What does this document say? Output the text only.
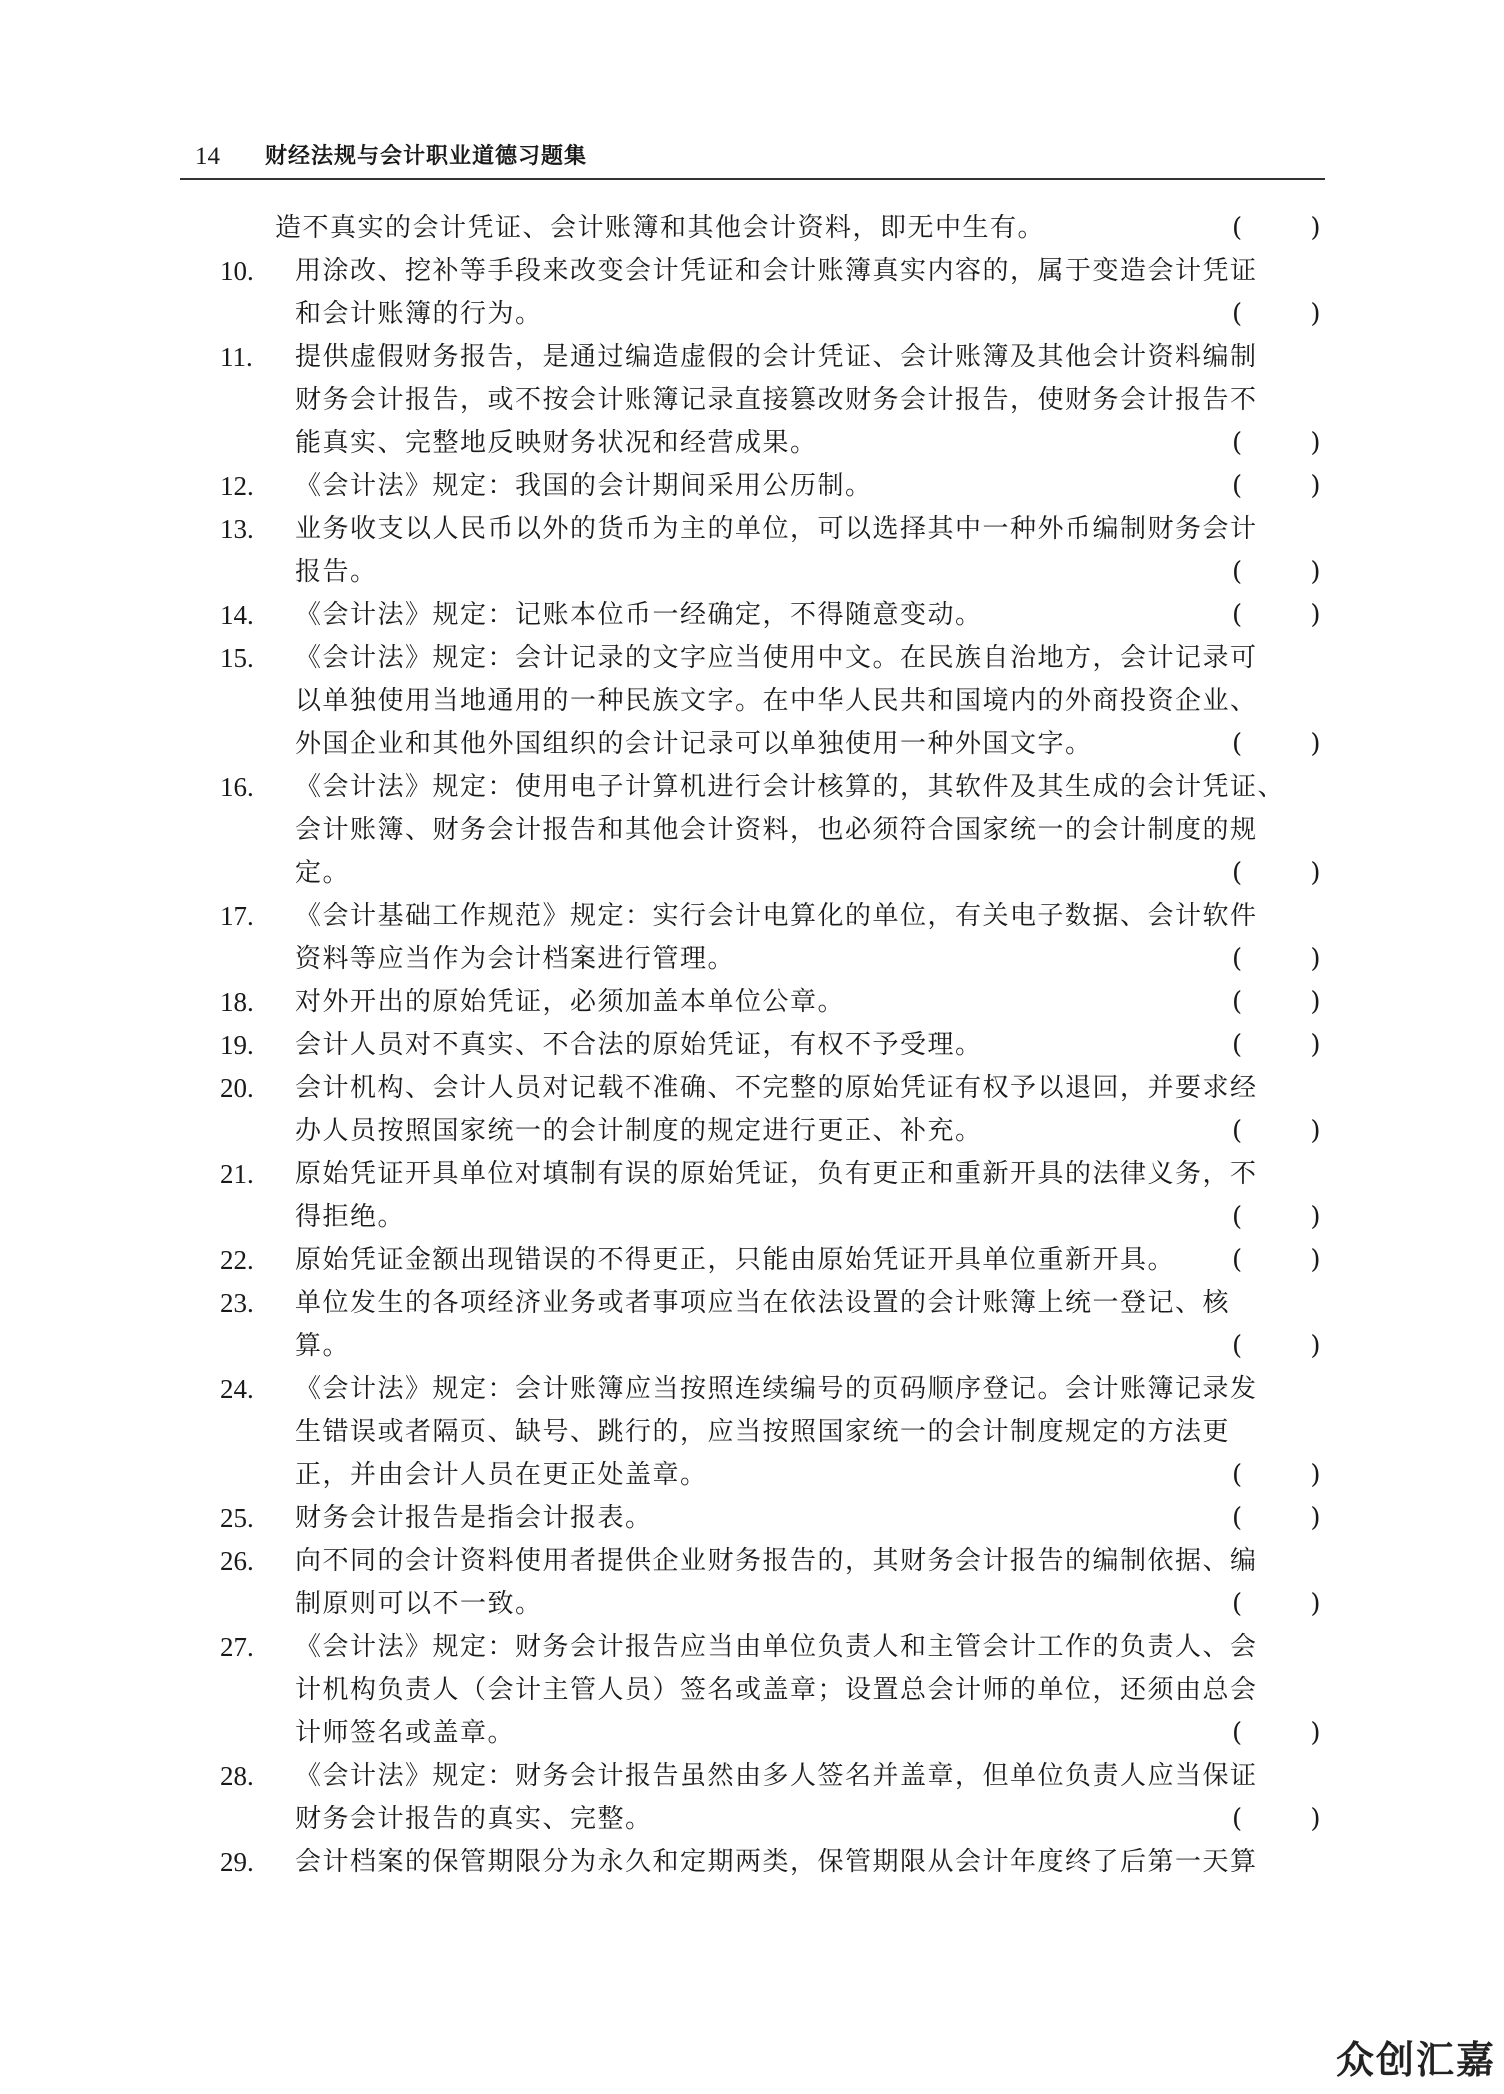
14 财经法规与会计职业道德习题集
造不真实的会计凭证、会计账簿和其他会计资料，即无中生有。	(	)
10.	用涂改、挖补等手段来改变会计凭证和会计账簿真实内容的，属于变造会计凭证
和会计账簿的行为。	(	)
11.	提供虚假财务报告，是通过编造虚假的会计凭证、会计账簿及其他会计资料编制
财务会计报告，或不按会计账簿记录直接篡改财务会计报告，使财务会计报告不
能真实、完整地反映财务状况和经营成果。	(	)
12.	《会计法》规定：我国的会计期间采用公历制。	(	)
13.	业务收支以人民币以外的货币为主的单位，可以选择其中一种外币编制财务会计
报告。	(	)
14.	《会计法》规定：记账本位币一经确定，不得随意变动。	(	)
15.	《会计法》规定：会计记录的文字应当使用中文。在民族自治地方，会计记录可
以单独使用当地通用的一种民族文字。在中华人民共和国境内的外商投资企业、
外国企业和其他外国组织的会计记录可以单独使用一种外国文字。	(	)
16.	《会计法》规定：使用电子计算机进行会计核算的，其软件及其生成的会计凭证、
会计账簿、财务会计报告和其他会计资料，也必须符合国家统一的会计制度的规
定。	(	)
17.	《会计基础工作规范》规定：实行会计电算化的单位，有关电子数据、会计软件
资料等应当作为会计档案进行管理。	(	)
18.	对外开出的原始凭证，必须加盖本单位公章。	(	)
19.	会计人员对不真实、不合法的原始凭证，有权不予受理。	(	)
20.	会计机构、会计人员对记载不准确、不完整的原始凭证有权予以退回，并要求经
办人员按照国家统一的会计制度的规定进行更正、补充。	(	)
21.	原始凭证开具单位对填制有误的原始凭证，负有更正和重新开具的法律义务，不
得拒绝。	(	)
22.	原始凭证金额出现错误的不得更正，只能由原始凭证开具单位重新开具。 (	)
23.	单位发生的各项经济业务或者事项应当在依法设置的会计账簿上统一登记、核
算。	(	)
24.	《会计法》规定：会计账簿应当按照连续编号的页码顺序登记。会计账簿记录发
生错误或者隔页、缺号、跳行的，应当按照国家统一的会计制度规定的方法更
正，并由会计人员在更正处盖章。	(	)
25.	财务会计报告是指会计报表。	(	)
26.	向不同的会计资料使用者提供企业财务报告的，其财务会计报告的编制依据、编
制原则可以不一致。	(	)
27.	《会计法》规定：财务会计报告应当由单位负责人和主管会计工作的负责人、会
计机构负责人（会计主管人员）签名或盖章；设置总会计师的单位，还须由总会
计师签名或盖章。	(	)
28.	《会计法》规定：财务会计报告虽然由多人签名并盖章，但单位负责人应当保证
财务会计报告的真实、完整。	(	)
29.	会计档案的保管期限分为永久和定期两类，保管期限从会计年度终了后第一天算
众创汇嘉
